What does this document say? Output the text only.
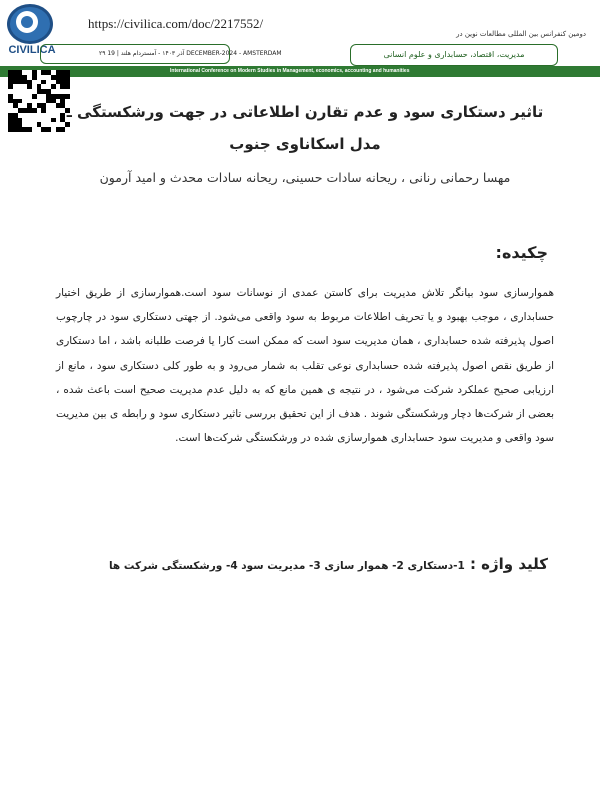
CIVILICA
https://civilica.com/doc/2217552/
دومین کنفرانس بین المللی مطالعات نوین در
۲۹ آذر ۱۴۰۳ - آمستردام هلند | 19 DECEMBER-2024 - AMSTERDAM	مدیریت، اقتصاد، حسابداری و علوم انسانی
International Conference on Modern Studies in Management, economics, accounting and humanities
تاثیر دستکاری سود و عدم تقارن اطلاعاتی در جهت ورشکستگی ـ مدل اسکاناوی جنوب
مهسا رحمانی رنانی ، ریحانه سادات حسینی، ریحانه سادات محدث و امید آرمون
چکیده:
هموارسازی سود بیانگر تلاش مدیریت برای کاستن عمدی از نوسانات سود است.هموارسازی از طریق اختیار حسابداری ، موجب بهبود و یا تحریف اطلاعات مربوط به سود واقعی می‌شود. از جهتی دستکاری سود در چارچوب اصول پذیرفته شده حسابداری ، همان مدیریت سود است که ممکن است کارا یا فرصت طلبانه باشد ، اما دستکاری از طریق نقص اصول پذیرفته شده حسابداری نوعی تقلب به شمار می‌رود و به طور کلی دستکاری سود ، مانع از ارزیابی صحیح عملکرد شرکت می‌شود ، در نتیجه ی همین مانع که به دلیل عدم مدیریت صحیح است باعث شده ، بعضی از شرکت‌ها دچار ورشکستگی شوند . هدف از این تحقیق بررسی تاثیر دستکاری سود و رابطه ی بین مدیریت سود واقعی و مدیریت سود حسابداری هموارسازی شده در ورشکستگی شرکت‌ها است.
کلید واژه : 1-دستکاری 2- هموار سازی 3- مدیریت سود 4- ورشکستگی شرکت ها
